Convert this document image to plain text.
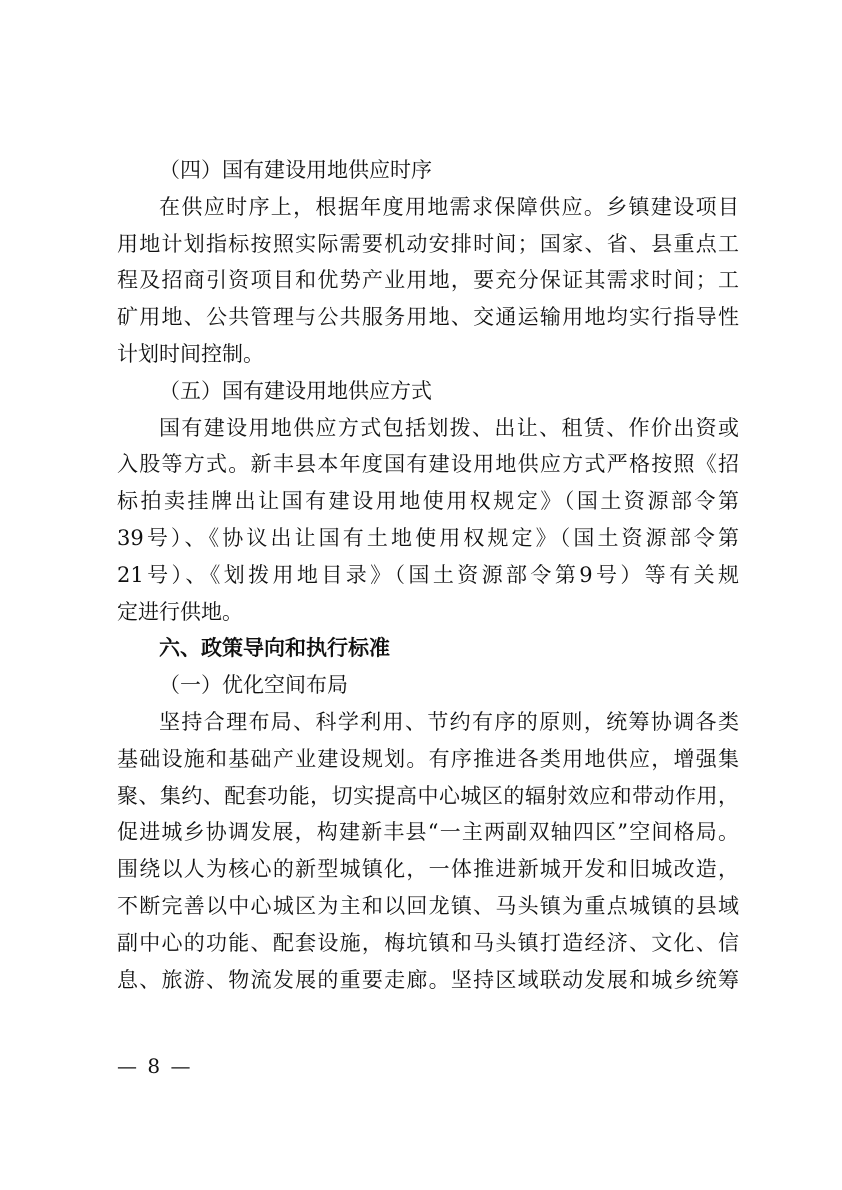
（四）国有建设用地供应时序
在供应时序上，根据年度用地需求保障供应。乡镇建设项目
用地计划指标按照实际需要机动安排时间；国家、省、县重点工
程及招商引资项目和优势产业用地，要充分保证其需求时间；工
矿用地、公共管理与公共服务用地、交通运输用地均实行指导性
计划时间控制。
（五）国有建设用地供应方式
国有建设用地供应方式包括划拨、出让、租赁、作价出资或
入股等方式。新丰县本年度国有建设用地供应方式严格按照《招
标拍卖挂牌出让国有建设用地使用权规定》（国土资源部令第
39号）、《协议出让国有土地使用权规定》（国土资源部令第
21号）、《划拨用地目录》（国土资源部令第9号）等有关规
定进行供地。
六、政策导向和执行标准
（一）优化空间布局
坚持合理布局、科学利用、节约有序的原则，统筹协调各类
基础设施和基础产业建设规划。有序推进各类用地供应，增强集
聚、集约、配套功能，切实提高中心城区的辐射效应和带动作用，
促进城乡协调发展，构建新丰县“一主两副双轴四区”空间格局。
围绕以人为核心的新型城镇化，一体推进新城开发和旧城改造，
不断完善以中心城区为主和以回龙镇、马头镇为重点城镇的县域
副中心的功能、配套设施，梅坑镇和马头镇打造经济、文化、信
息、旅游、物流发展的重要走廊。坚持区域联动发展和城乡统筹
— 8 —
